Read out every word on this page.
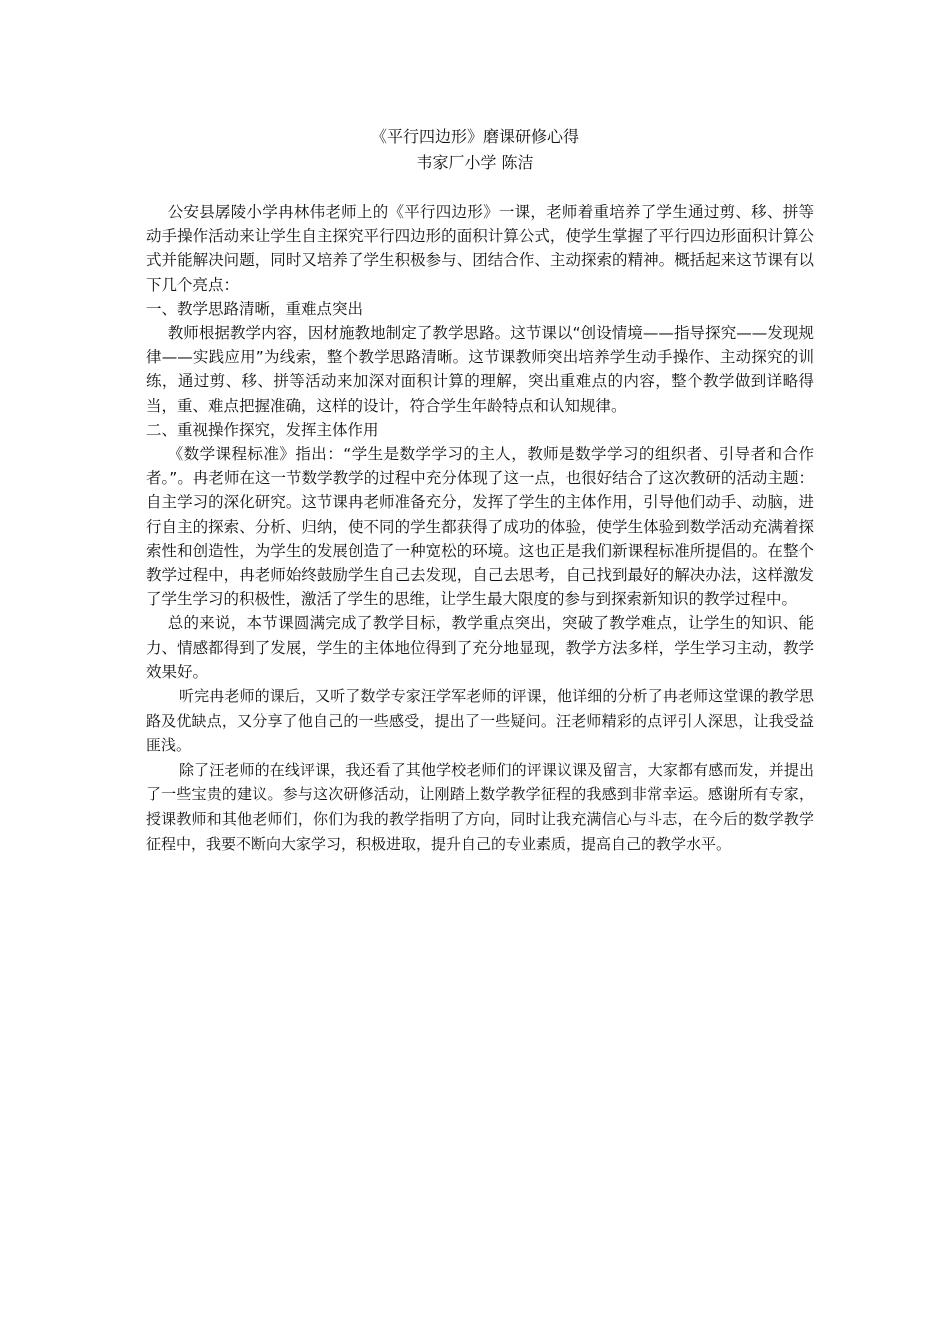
《平行四边形》磨课研修心得
韦家厂小学 陈洁

公安县孱陵小学冉林伟老师上的《平行四边形》一课，老师着重培养了学生通过剪、移、拼等动手操作活动来让学生自主探究平行四边形的面积计算公式，使学生掌握了平行四边形面积计算公式并能解决问题，同时又培养了学生积极参与、团结合作、主动探索的精神。概括起来这节课有以下几个亮点：

一、教学思路清晰，重难点突出

教师根据教学内容，因材施教地制定了教学思路。这节课以“创设情境——指导探究——发现规律——实践应用”为线索，整个教学思路清晰。这节课教师突出培养学生动手操作、主动探究的训练，通过剪、移、拼等活动来加深对面积计算的理解，突出重难点的内容，整个教学做到详略得当，重、难点把握准确，这样的设计，符合学生年龄特点和认知规律。

二、重视操作探究，发挥主体作用

《数学课程标准》指出：“学生是数学学习的主人，教师是数学学习的组织者、引导者和合作者。”。冉老师在这一节数学教学的过程中充分体现了这一点，也很好结合了这次教研的活动主题：自主学习的深化研究。这节课冉老师准备充分，发挥了学生的主体作用，引导他们动手、动脑，进行自主的探索、分析、归纳，使不同的学生都获得了成功的体验，使学生体验到数学活动充满着探索性和创造性，为学生的发展创造了一种宽松的环境。这也正是我们新课程标准所提倡的。在整个教学过程中，冉老师始终鼓励学生自己去发现，自己去思考，自己找到最好的解决办法，这样激发了学生学习的积极性，激活了学生的思维，让学生最大限度的参与到探索新知识的教学过程中。

总的来说，本节课圆满完成了教学目标，教学重点突出，突破了教学难点，让学生的知识、能力、情感都得到了发展，学生的主体地位得到了充分地显现，教学方法多样，学生学习主动，教学效果好。

听完冉老师的课后，又听了数学专家汪学军老师的评课，他详细的分析了冉老师这堂课的教学思路及优缺点，又分享了他自己的一些感受，提出了一些疑问。汪老师精彩的点评引人深思，让我受益匪浅。

除了汪老师的在线评课，我还看了其他学校老师们的评课议课及留言，大家都有感而发，并提出了一些宝贵的建议。参与这次研修活动，让刚踏上数学教学征程的我感到非常幸运。感谢所有专家，授课教师和其他老师们，你们为我的教学指明了方向，同时让我充满信心与斗志，在今后的数学教学征程中，我要不断向大家学习，积极进取，提升自己的专业素质，提高自己的教学水平。
